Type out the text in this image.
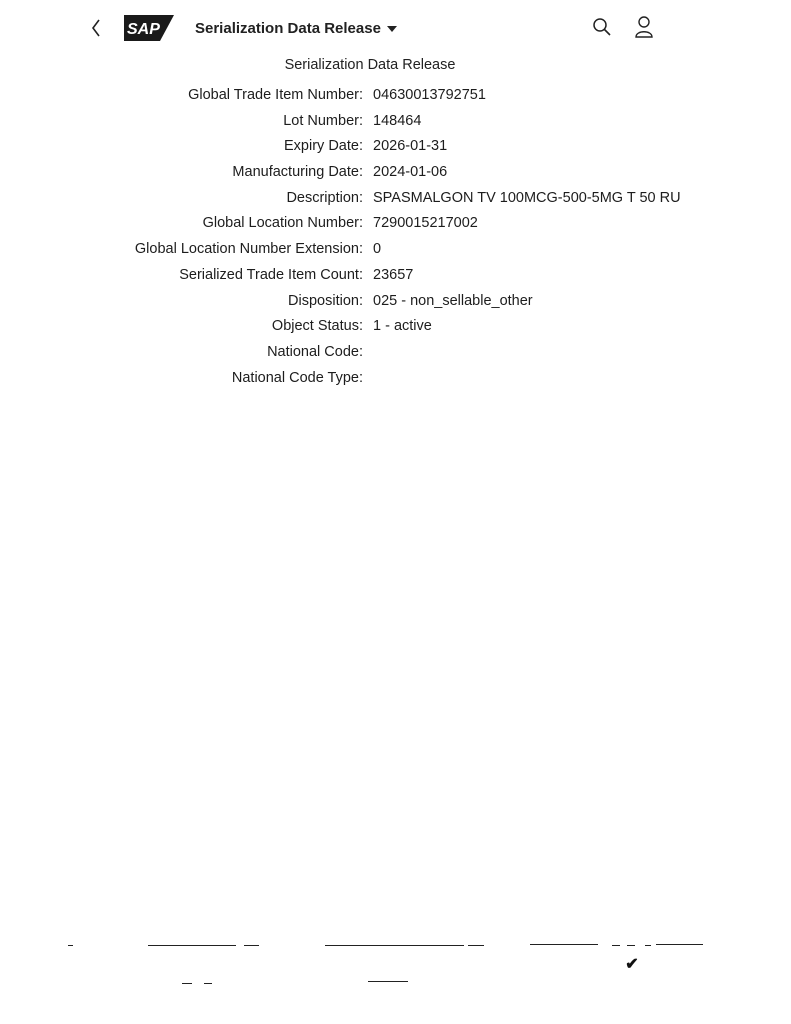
SAP Serialization Data Release
Serialization Data Release
Global Trade Item Number: 04630013792751
Lot Number: 148464
Expiry Date: 2026-01-31
Manufacturing Date: 2024-01-06
Description: SPASMALGON TV 100MCG-500-5MG T 50 RU
Global Location Number: 7290015217002
Global Location Number Extension: 0
Serialized Trade Item Count: 23657
Disposition: 025 - non_sellable_other
Object Status: 1 - active
National Code:
National Code Type:
✔
